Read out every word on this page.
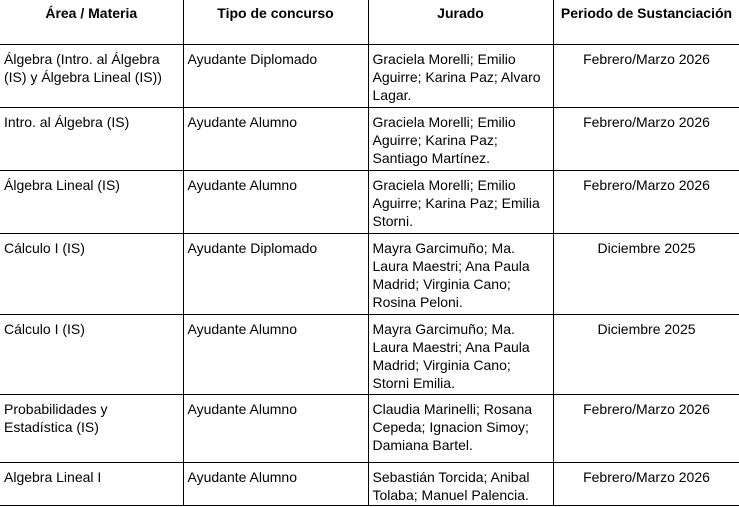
Área / Materia	Tipo de concurso	Jurado	Periodo de Sustanciación
Álgebra (Intro. al Álgebra (IS) y Álgebra Lineal (IS))	Ayudante Diplomado	Graciela Morelli; Emilio Aguirre; Karina Paz; Alvaro Lagar.	Febrero/Marzo 2026
Intro. al Álgebra (IS)	Ayudante Alumno	Graciela Morelli; Emilio Aguirre; Karina Paz; Santiago Martínez.	Febrero/Marzo 2026
Álgebra Lineal (IS)	Ayudante Alumno	Graciela Morelli; Emilio Aguirre; Karina Paz; Emilia Storni.	Febrero/Marzo 2026
Cálculo I (IS)	Ayudante Diplomado	Mayra Garcimuño; Ma. Laura Maestri; Ana Paula Madrid; Virginia Cano; Rosina Peloni.	Diciembre 2025
Cálculo I (IS)	Ayudante Alumno	Mayra Garcimuño; Ma. Laura Maestri; Ana Paula Madrid; Virginia Cano; Storni Emilia.	Diciembre 2025
Probabilidades y Estadística (IS)	Ayudante Alumno	Claudia Marinelli; Rosana Cepeda; Ignacion Simoy; Damiana Bartel.	Febrero/Marzo 2026
Algebra Lineal I	Ayudante Alumno	Sebastián Torcida; Anibal Tolaba; Manuel Palencia.	Febrero/Marzo 2026
